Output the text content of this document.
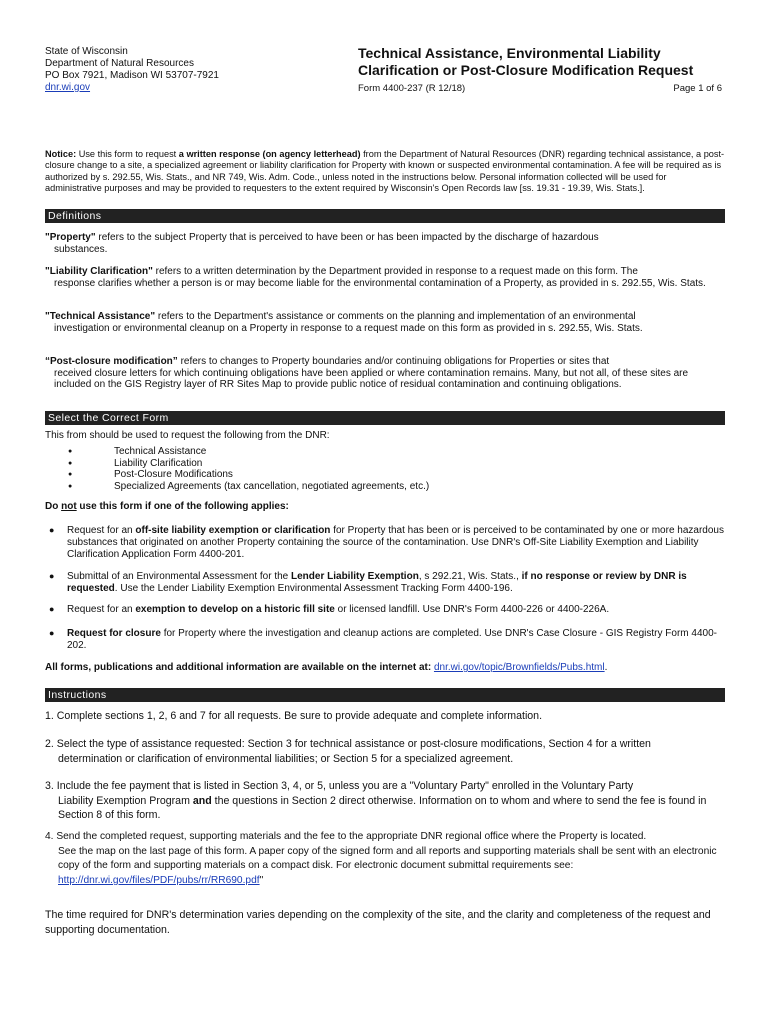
State of Wisconsin
Department of Natural Resources
PO Box 7921, Madison WI 53707-7921
dnr.wi.gov
Technical Assistance, Environmental Liability
Clarification or Post-Closure Modification Request
Form 4400-237 (R 12/18)	Page 1 of 6
Notice: Use this form to request a written response (on agency letterhead) from the Department of Natural Resources (DNR) regarding technical assistance, a post-closure change to a site, a specialized agreement or liability clarification for Property with known or suspected environmental contamination. A fee will be required as is authorized by s. 292.55, Wis. Stats., and NR 749, Wis. Adm. Code., unless noted in the instructions below. Personal information collected will be used for administrative purposes and may be provided to requesters to the extent required by Wisconsin's Open Records law [ss. 19.31 - 19.39, Wis. Stats.].
Definitions
"Property" refers to the subject Property that is perceived to have been or has been impacted by the discharge of hazardous
substances.
"Liability Clarification" refers to a written determination by the Department provided in response to a request made on this form. The
response clarifies whether a person is or may become liable for the environmental contamination of a Property, as provided in s. 292.55, Wis. Stats.
"Technical Assistance" refers to the Department's assistance or comments on the planning and implementation of an environmental
investigation or environmental cleanup on a Property in response to a request made on this form as provided in s. 292.55, Wis. Stats.
“Post-closure modification” refers to changes to Property boundaries and/or continuing obligations for Properties or sites that
received closure letters for which continuing obligations have been applied or where contamination remains. Many, but not all, of these sites are included on the GIS Registry layer of RR Sites Map to provide public notice of residual contamination and continuing obligations.
Select the Correct Form
This from should be used to request the following from the DNR:
● Technical Assistance
● Liability Clarification
● Post-Closure Modifications
● Specialized Agreements (tax cancellation, negotiated agreements, etc.)
Do not use this form if one of the following applies:
● Request for an off-site liability exemption or clarification for Property that has been or is perceived to be contaminated by one or more hazardous substances that originated on another Property containing the source of the contamination. Use DNR's Off-Site Liability Exemption and Liability Clarification Application Form 4400-201.
● Submittal of an Environmental Assessment for the Lender Liability Exemption, s 292.21, Wis. Stats., if no response or review by DNR is requested. Use the Lender Liability Exemption Environmental Assessment Tracking Form 4400-196.
● Request for an exemption to develop on a historic fill site or licensed landfill. Use DNR's Form 4400-226 or 4400-226A.
● Request for closure for Property where the investigation and cleanup actions are completed. Use DNR's Case Closure - GIS Registry Form 4400-202.
All forms, publications and additional information are available on the internet at: dnr.wi.gov/topic/Brownfields/Pubs.html.
Instructions
1. Complete sections 1, 2, 6 and 7 for all requests. Be sure to provide adequate and complete information.
2. Select the type of assistance requested: Section 3 for technical assistance or post-closure modifications, Section 4 for a written
determination or clarification of environmental liabilities; or Section 5 for a specialized agreement.
3. Include the fee payment that is listed in Section 3, 4, or 5, unless you are a "Voluntary Party" enrolled in the Voluntary Party
Liability Exemption Program and the questions in Section 2 direct otherwise. Information on to whom and where to send the fee is found in Section 8 of this form.
4. Send the completed request, supporting materials and the fee to the appropriate DNR regional office where the Property is located.
See the map on the last page of this form. A paper copy of the signed form and all reports and supporting materials shall be sent with an electronic copy of the form and supporting materials on a compact disk. For electronic document submittal requirements see: http://dnr.wi.gov/files/PDF/pubs/rr/RR690.pdf"
The time required for DNR's determination varies depending on the complexity of the site, and the clarity and completeness of the request and supporting documentation.
